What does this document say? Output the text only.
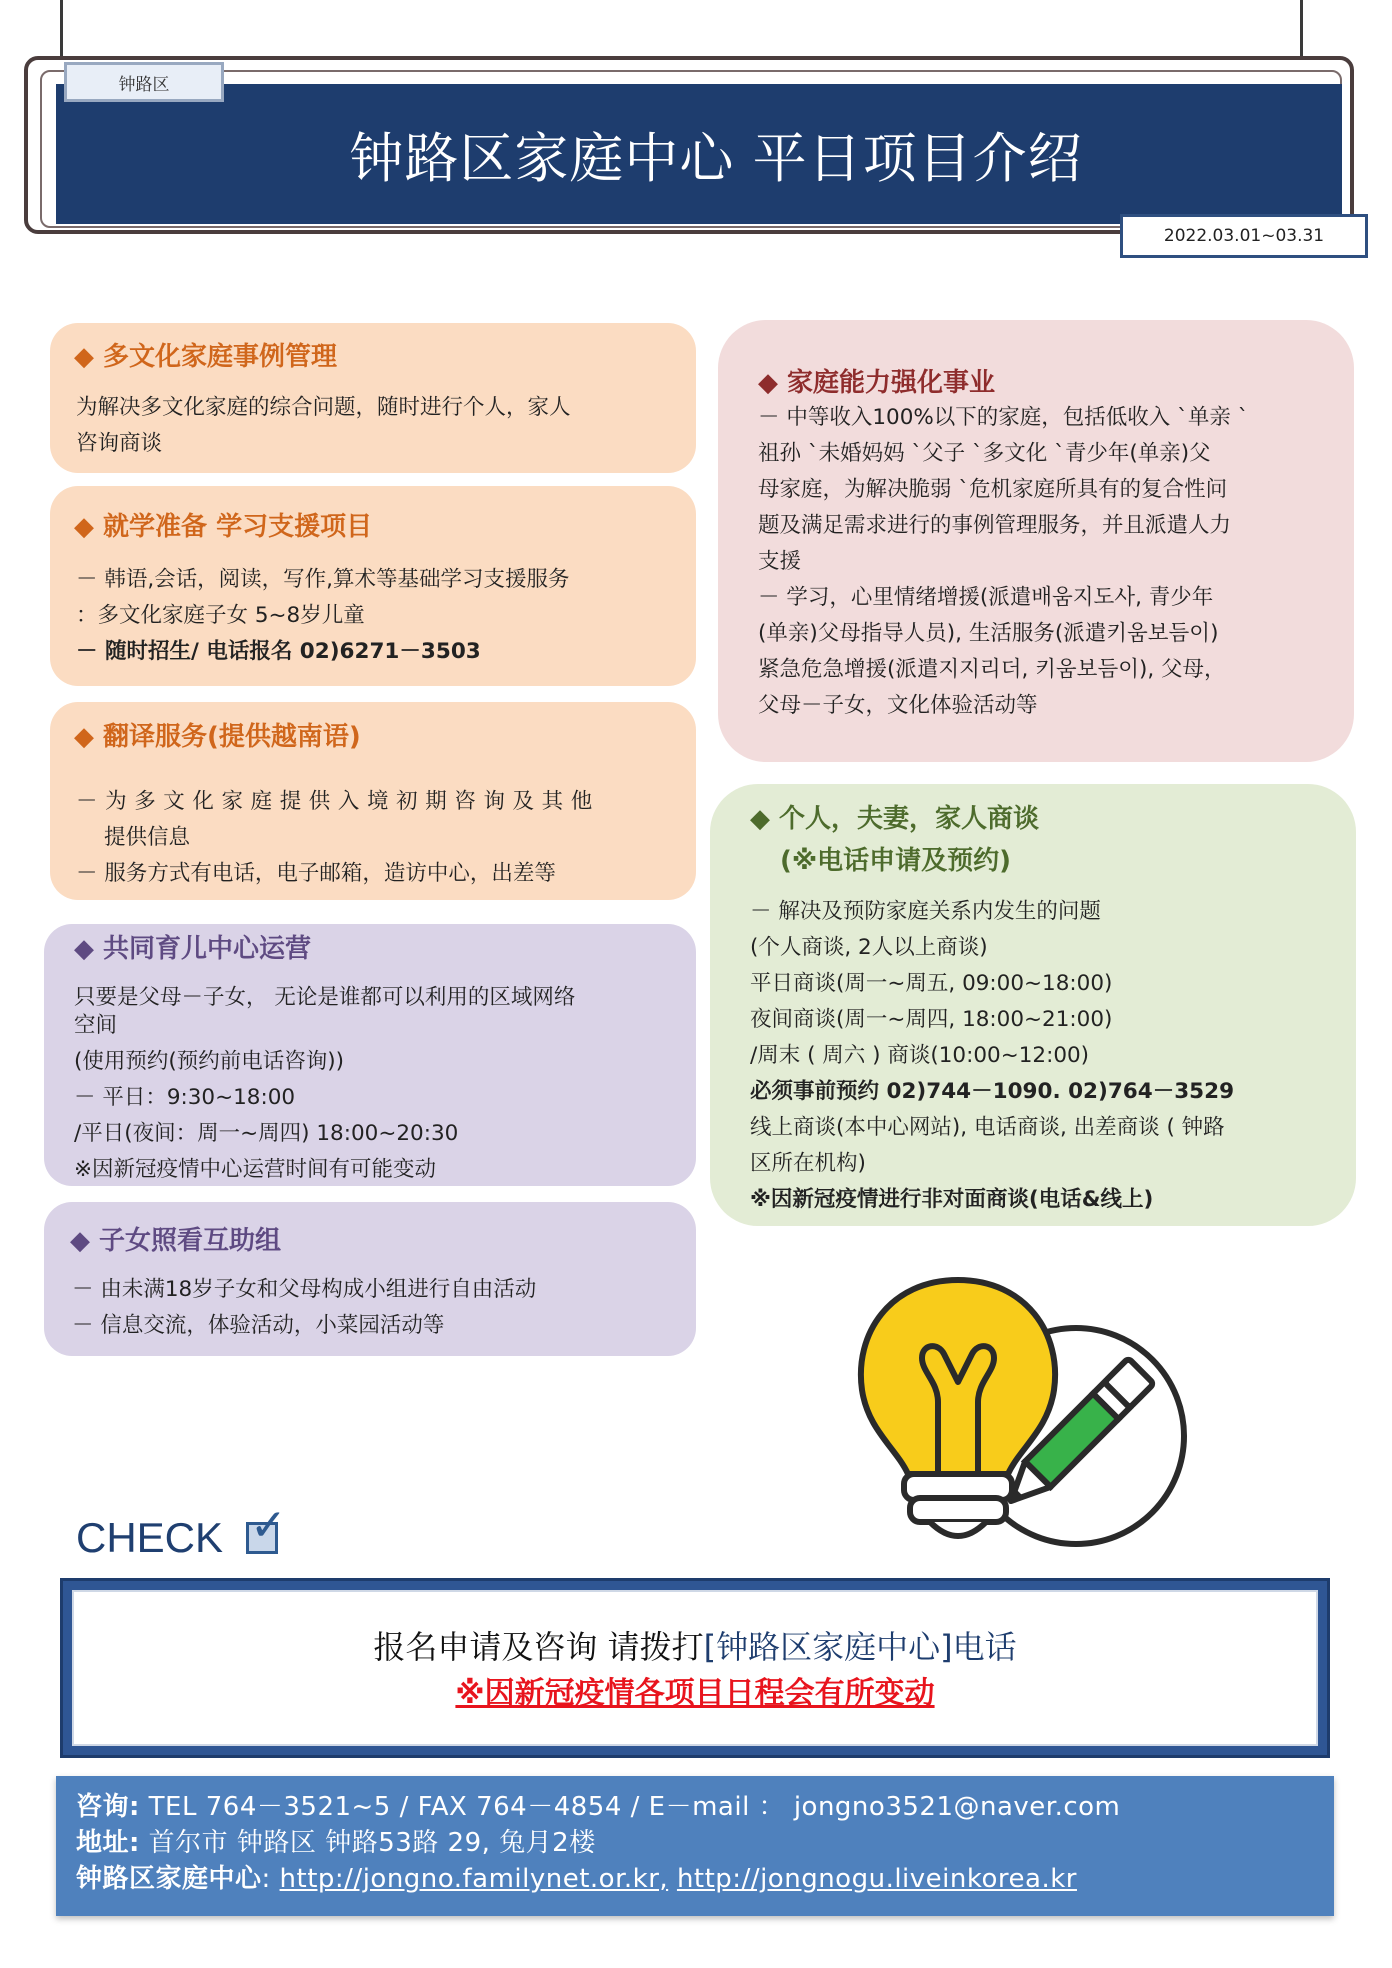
钟路区家庭中心 平日项目介绍
钟路区
2022.03.01~03.31
◆ 多文化家庭事例管理
为解决多文化家庭的综合问题，随时进行个人，家人
咨询商谈
◆ 就学准备 学习支援项目
－ 韩语,会话，阅读，写作,算术等基础学习支援服务
：多文化家庭子女 5~8岁儿童
－ 随时招生/ 电话报名 02)6271－3503
◆ 翻译服务(提供越南语)
－为多文化家庭提供入境初期咨询及其他
提供信息
－ 服务方式有电话，电子邮箱，造访中心，出差等
◆ 共同育儿中心运营
只要是父母－子女， 无论是谁都可以利用的区域网络
空间
(使用预约(预约前电话咨询))
－ 平日：9:30~18:00
/平日(夜间：周一~周四) 18:00~20:30
※因新冠疫情中心运营时间有可能变动
◆ 子女照看互助组
－ 由未满18岁子女和父母构成小组进行自由活动
－ 信息交流，体验活动，小菜园活动等
◆ 家庭能力强化事业
－ 中等收入100%以下的家庭，包括低收入 `单亲 `
祖孙 `未婚妈妈 `父子 `多文化 `青少年(单亲)父
母家庭，为解决脆弱 `危机家庭所具有的复合性问
题及满足需求进行的事例管理服务，并且派遣人力
支援
－ 学习，心里情绪增援(派遣배움지도사, 青少年
(单亲)父母指导人员), 生活服务(派遣키움보듬이)
紧急危急增援(派遣지지리더, 키움보듬이), 父母，
父母－子女，文化体验活动等
◆ 个人，夫妻，家人商谈
(※电话申请及预约)
－ 解决及预防家庭关系内发生的问题
(个人商谈, 2人以上商谈)
平日商谈(周一~周五, 09:00~18:00)
夜间商谈(周一~周四, 18:00~21:00)
/周末 ( 周六 ) 商谈(10:00~12:00)
必须事前预约 02)744－1090. 02)764－3529
线上商谈(本中心网站), 电话商谈, 出差商谈 ( 钟路
区所在机构)
※因新冠疫情进行非对面商谈(电话&线上)
CHECK ✓
报名申请及咨询 请拨打[钟路区家庭中心]电话
※因新冠疫情各项目日程会有所变动
咨询: TEL 764－3521~5 / FAX 764－4854 / E－mail ： jongno3521@naver.com
地址: 首尔市 钟路区 钟路53路 29, 兔月2楼
钟路区家庭中心: http://jongno.familynet.or.kr, http://jongnogu.liveinkorea.kr
